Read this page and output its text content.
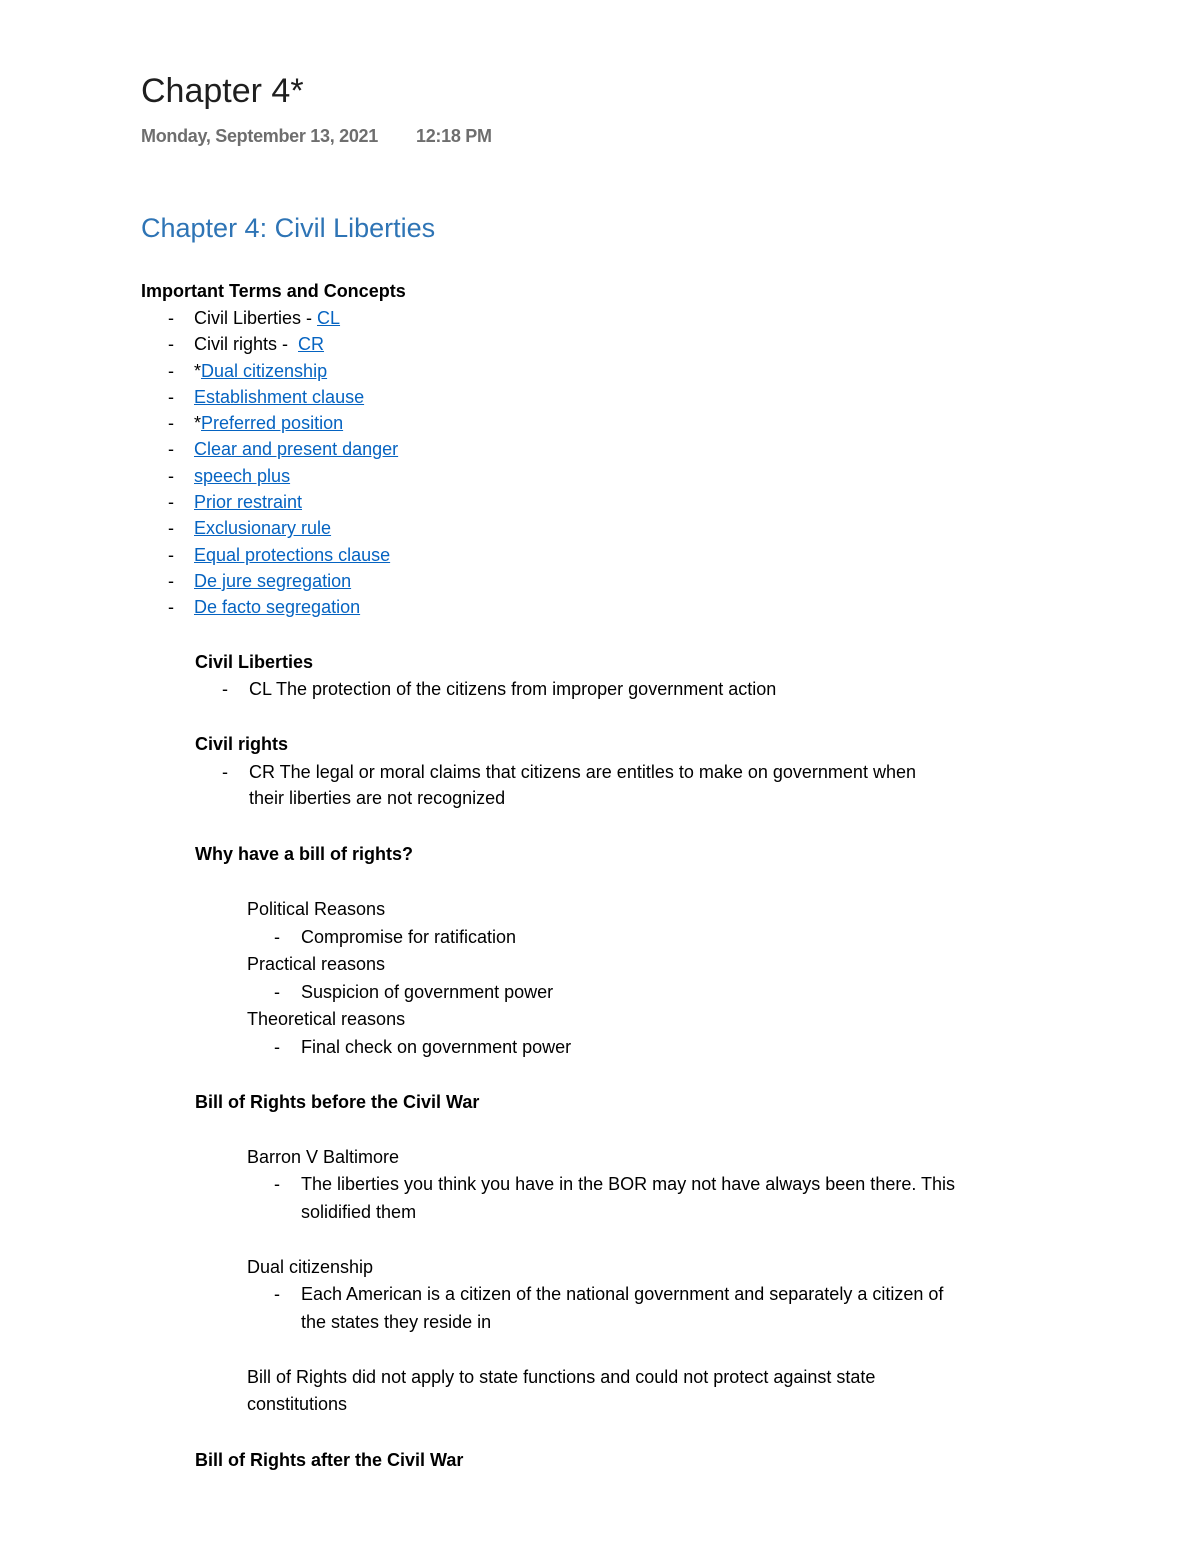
Chapter 4*
Monday, September 13, 2021 12:18 PM
Chapter 4: Civil Liberties
Important Terms and Concepts
- Civil Liberties - CL
- Civil rights -  CR
- *Dual citizenship
- Establishment clause
- *Preferred position
- Clear and present danger
- speech plus
- Prior restraint
- Exclusionary rule
- Equal protections clause
- De jure segregation
- De facto segregation
Civil Liberties
- CL The protection of the citizens from improper government action
Civil rights
- CR The legal or moral claims that citizens are entitles to make on government when
their liberties are not recognized
Why have a bill of rights?
Political Reasons
- Compromise for ratification
Practical reasons
- Suspicion of government power
Theoretical reasons
- Final check on government power
Bill of Rights before the Civil War
Barron V Baltimore
- The liberties you think you have in the BOR may not have always been there. This
solidified them
Dual citizenship
- Each American is a citizen of the national government and separately a citizen of
the states they reside in
Bill of Rights did not apply to state functions and could not protect against state
constitutions
Bill of Rights after the Civil War
